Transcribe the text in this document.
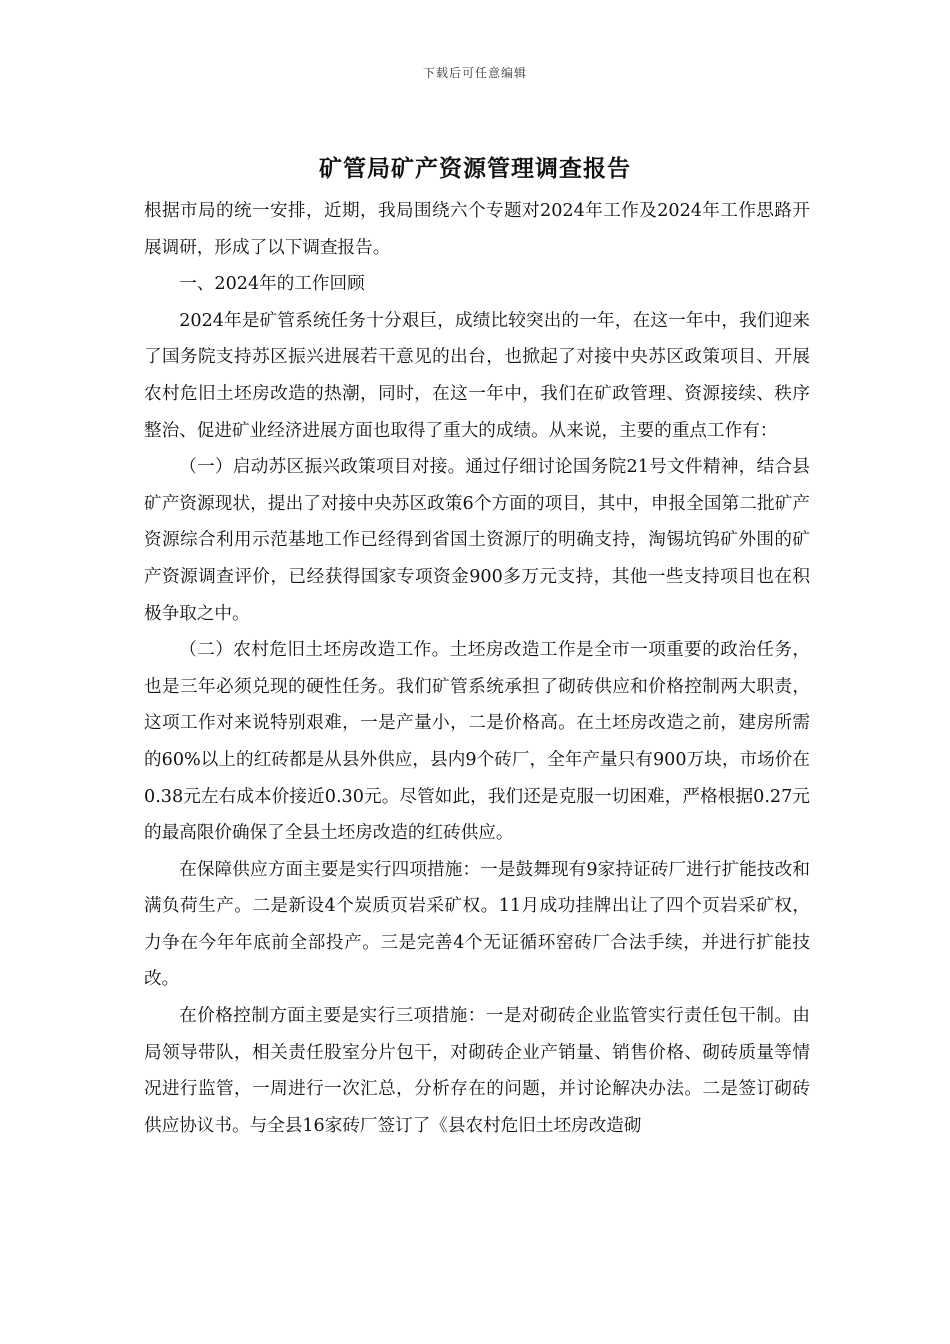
下载后可任意编辑
矿管局矿产资源管理调查报告

根据市局的统一安排，近期，我局围绕六个专题对2024年工作及2024年工作思路开展调研，形成了以下调查报告。

一、2024年的工作回顾

2024年是矿管系统任务十分艰巨，成绩比较突出的一年，在这一年中，我们迎来了国务院支持苏区振兴进展若干意见的出台，也掀起了对接中央苏区政策项目、开展农村危旧土坯房改造的热潮，同时，在这一年中，我们在矿政管理、资源接续、秩序整治、促进矿业经济进展方面也取得了重大的成绩。从来说，主要的重点工作有：

（一）启动苏区振兴政策项目对接。通过仔细讨论国务院21号文件精神，结合县矿产资源现状，提出了对接中央苏区政策6个方面的项目，其中，申报全国第二批矿产资源综合利用示范基地工作已经得到省国土资源厅的明确支持，淘锡坑钨矿外围的矿产资源调查评价，已经获得国家专项资金900多万元支持，其他一些支持项目也在积极争取之中。

（二）农村危旧土坯房改造工作。土坯房改造工作是全市一项重要的政治任务，也是三年必须兑现的硬性任务。我们矿管系统承担了砌砖供应和价格控制两大职责，这项工作对来说特别艰难，一是产量小，二是价格高。在土坯房改造之前，建房所需的60%以上的红砖都是从县外供应，县内9个砖厂，全年产量只有900万块，市场价在0.38元左右成本价接近0.30元。尽管如此，我们还是克服一切困难，严格根据0.27元的最高限价确保了全县土坯房改造的红砖供应。

在保障供应方面主要是实行四项措施：一是鼓舞现有9家持证砖厂进行扩能技改和满负荷生产。二是新设4个炭质页岩采矿权。11月成功挂牌出让了四个页岩采矿权，力争在今年年底前全部投产。三是完善4个无证循环窑砖厂合法手续，并进行扩能技改。

在价格控制方面主要是实行三项措施：一是对砌砖企业监管实行责任包干制。由局领导带队，相关责任股室分片包干，对砌砖企业产销量、销售价格、砌砖质量等情况进行监管，一周进行一次汇总，分析存在的问题，并讨论解决办法。二是签订砌砖供应协议书。与全县16家砖厂签订了《县农村危旧土坯房改造砌
